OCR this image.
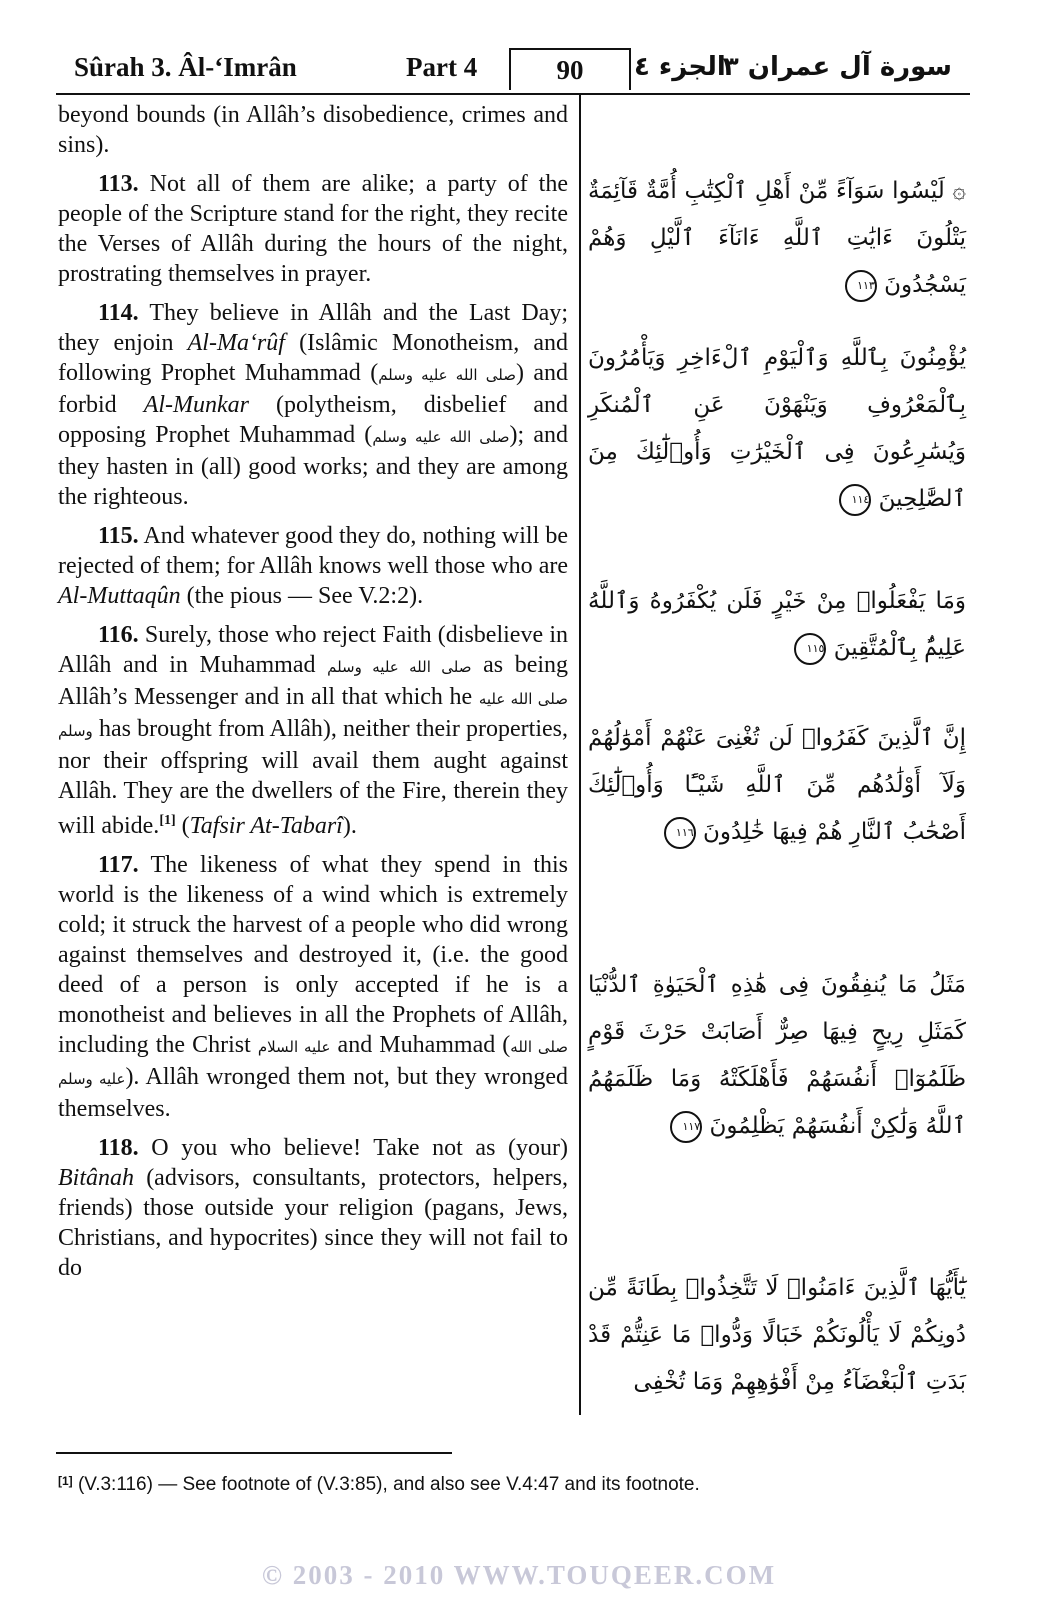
Sûrah 3. Âl-‘Imrân	Part 4	90	الجزء ٤
سورة آل عمران ٣

beyond bounds (in Allâh’s disobedience, crimes and sins).

113. Not all of them are alike; a party of the people of the Scripture stand for the right, they recite the Verses of Allâh during the hours of the night, prostrating themselves in prayer.

114. They believe in Allâh and the Last Day; they enjoin Al-Ma‘rûf (Islâmic Monotheism, and following Prophet Muhammad (صلى الله عليه وسلم) and forbid Al-Munkar (polytheism, disbelief and opposing Prophet Muhammad (صلى الله عليه وسلم); and they hasten in (all) good works; and they are among the righteous.

115. And whatever good they do, nothing will be rejected of them; for Allâh knows well those who are Al-Muttaqûn (the pious — See V.2:2).

116. Surely, those who reject Faith (disbelieve in Allâh and in Muhammad صلى الله عليه وسلم as being Allâh’s Messenger and in all that which he صلى الله عليه وسلم has brought from Allâh), neither their properties, nor their offspring will avail them aught against Allâh. They are the dwellers of the Fire, therein they will abide.[1] (Tafsir At-Tabarî).

117. The likeness of what they spend in this world is the likeness of a wind which is extremely cold; it struck the harvest of a people who did wrong against themselves and destroyed it, (i.e. the good deed of a person is only accepted if he is a monotheist and believes in all the Prophets of Allâh, including the Christ عليه السلام and Muhammad (صلى الله عليه وسلم). Allâh wronged them not, but they wronged themselves.

118. O you who believe! Take not as (your) Bitânah (advisors, consultants, protectors, helpers, friends) those outside your religion (pagans, Jews, Christians, and hypocrites) since they will not fail to do

۞ لَيْسُوا سَوَآءً مِّنْ أَهْلِ ٱلْكِتَٰبِ أُمَّةٌ قَآئِمَةٌ يَتْلُونَ ءَايَٰتِ ٱللَّهِ ءَانَآءَ ٱلَّيْلِ وَهُمْ يَسْجُدُونَ ١١٣
يُؤْمِنُونَ بِٱللَّهِ وَٱلْيَوْمِ ٱلْءَاخِرِ وَيَأْمُرُونَ بِٱلْمَعْرُوفِ وَيَنْهَوْنَ عَنِ ٱلْمُنكَرِ وَيُسَٰرِعُونَ فِى ٱلْخَيْرَٰتِ وَأُو۟لَٰٓئِكَ مِنَ ٱلصَّٰلِحِينَ ١١٤
وَمَا يَفْعَلُوا۟ مِنْ خَيْرٍ فَلَن يُكْفَرُوهُ وَٱللَّهُ عَلِيمٌۢ بِٱلْمُتَّقِينَ ١١٥
إِنَّ ٱلَّذِينَ كَفَرُوا۟ لَن تُغْنِىَ عَنْهُمْ أَمْوَٰلُهُمْ وَلَآ أَوْلَٰدُهُم مِّنَ ٱللَّهِ شَيْـًٔا وَأُو۟لَٰٓئِكَ أَصْحَٰبُ ٱلنَّارِ هُمْ فِيهَا خَٰلِدُونَ ١١٦
مَثَلُ مَا يُنفِقُونَ فِى هَٰذِهِ ٱلْحَيَوٰةِ ٱلدُّنْيَا كَمَثَلِ رِيحٍ فِيهَا صِرٌّ أَصَابَتْ حَرْثَ قَوْمٍ ظَلَمُوٓا۟ أَنفُسَهُمْ فَأَهْلَكَتْهُ وَمَا ظَلَمَهُمُ ٱللَّهُ وَلَٰكِنْ أَنفُسَهُمْ يَظْلِمُونَ ١١٧
يَٰٓأَيُّهَا ٱلَّذِينَ ءَامَنُوا۟ لَا تَتَّخِذُوا۟ بِطَانَةً مِّن دُونِكُمْ لَا يَأْلُونَكُمْ خَبَالًا وَدُّوا۟ مَا عَنِتُّمْ قَدْ بَدَتِ ٱلْبَغْضَآءُ مِنْ أَفْوَٰهِهِمْ وَمَا تُخْفِى
[1] (V.3:116) — See footnote of (V.3:85), and also see V.4:47 and its footnote.
© 2003 - 2010 WWW.TOUQEER.COM
